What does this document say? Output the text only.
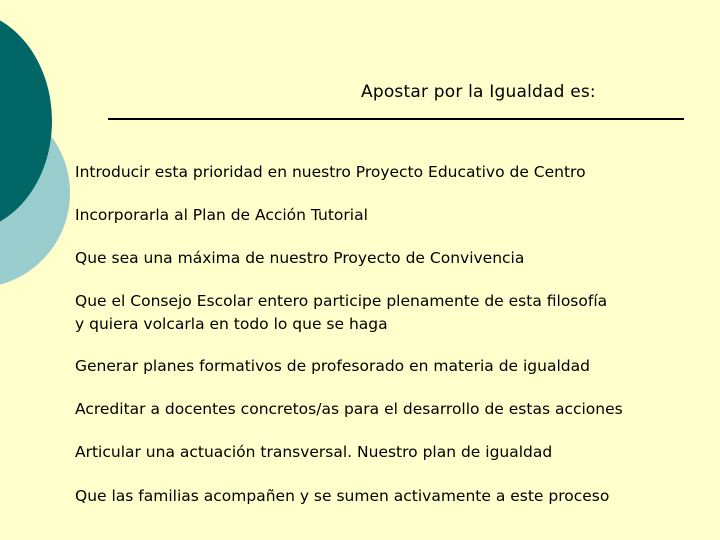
Apostar por la Igualdad es:
Introducir esta prioridad en nuestro Proyecto Educativo de Centro
Incorporarla al Plan de Acción Tutorial
Que sea una máxima de nuestro Proyecto de Convivencia
Que el Consejo Escolar entero participe plenamente de esta filosofía
y quiera volcarla en todo lo que se haga
Generar planes formativos de profesorado en materia de igualdad
Acreditar a docentes concretos/as para el desarrollo de estas acciones
Articular una actuación transversal. Nuestro plan de igualdad
Que las familias acompañen y se sumen activamente a este proceso
